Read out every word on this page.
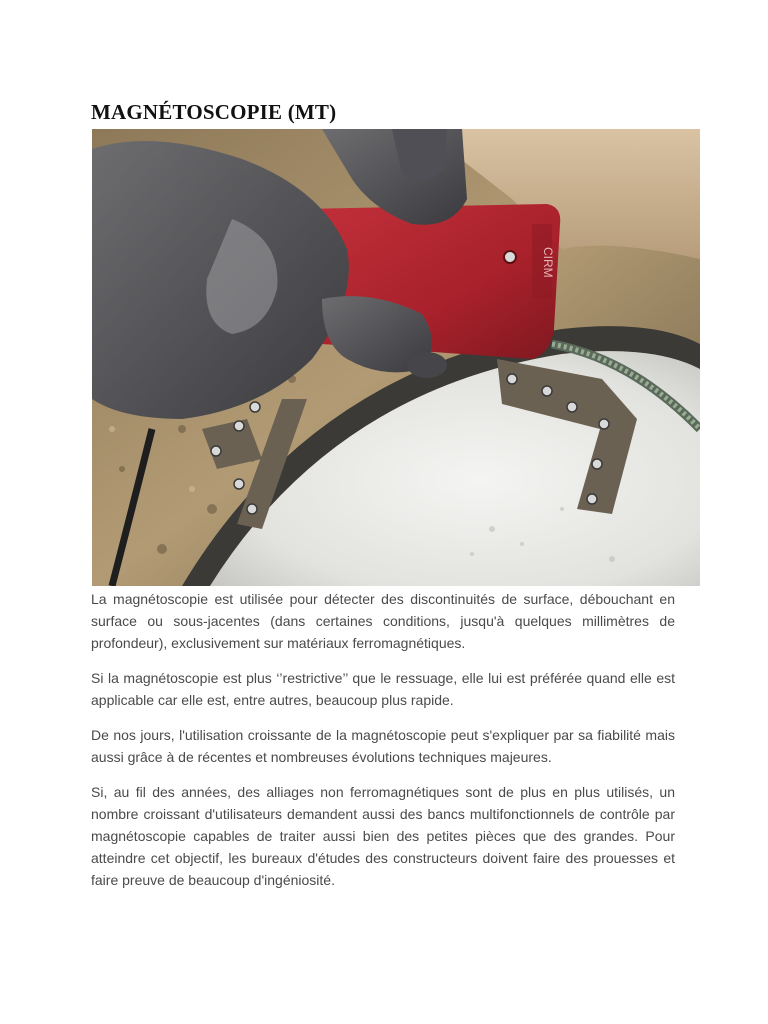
MAGNÉTOSCOPIE (MT)
CIRM

La magnétoscopie est utilisée pour détecter des discontinuités de surface, débouchant en surface ou sous-jacentes (dans certaines conditions, jusqu'à quelques millimètres de profondeur), exclusivement sur matériaux ferromagnétiques.

Si la magnétoscopie est plus ‘’restrictive’’ que le ressuage, elle lui est préférée quand elle est applicable car elle est, entre autres, beaucoup plus rapide.

De nos jours, l'utilisation croissante de la magnétoscopie peut s'expliquer par sa fiabilité mais aussi grâce à de récentes et nombreuses évolutions techniques majeures.

Si, au fil des années, des alliages non ferromagnétiques sont de plus en plus utilisés, un nombre croissant d'utilisateurs demandent aussi des bancs multifonctionnels de contrôle par magnétoscopie capables de traiter aussi bien des petites pièces que des grandes. Pour atteindre cet objectif, les bureaux d'études des constructeurs doivent faire des prouesses et faire preuve de beaucoup d'ingéniosité.
